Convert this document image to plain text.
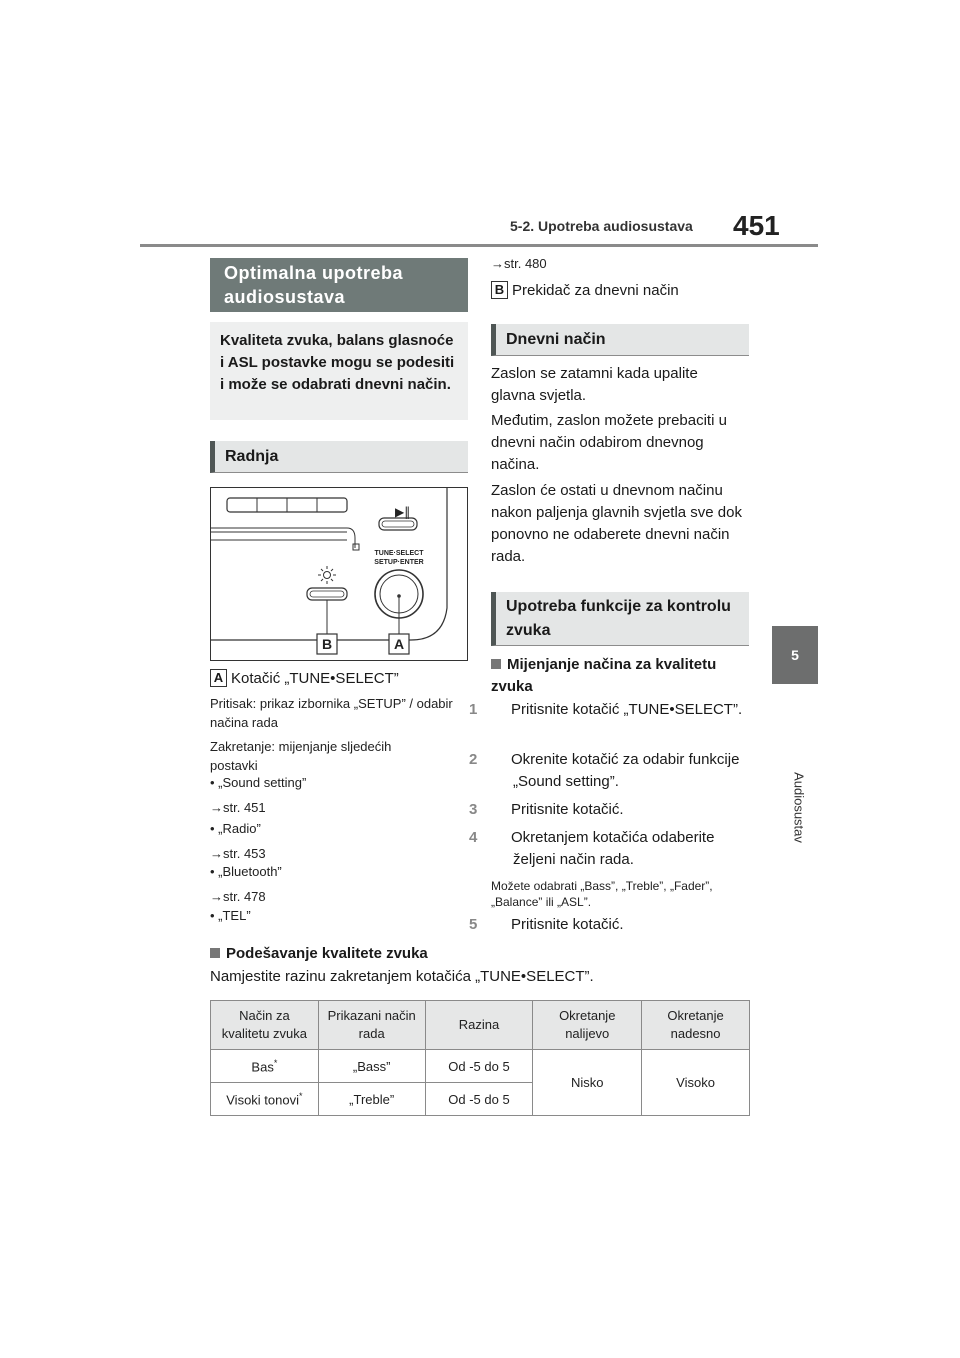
5-2. Upotreba audiosustava 451
5
Audiosustav
Optimalna upotreba audiosustava
Kvaliteta zvuka, balans glasnoće i ASL postavke mogu se podesiti i može se odabrati dnevni način.
Radnja
▶‖
TUNE·SELECT
SETUP·ENTER
B	A
A Kotačić „TUNE•SELECT”
Pritisak: prikaz izbornika „SETUP” / odabir načina rada
Zakretanje: mijenjanje sljedećih postavki
• „Sound setting”
→str. 451
• „Radio”
→str. 453
• „Bluetooth”
→str. 478
• „TEL”
→str. 480
B Prekidač za dnevni način
Dnevni način
Zaslon se zatamni kada upalite glavna svjetla.
Međutim, zaslon možete prebaciti u dnevni način odabirom dnevnog načina.
Zaslon će ostati u dnevnom načinu nakon paljenja glavnih svjetla sve dok ponovno ne odaberete dnevni način rada.
Upotreba funkcije za kontrolu zvuka
Mijenjanje načina za kvalitetu zvuka
1 Pritisnite kotačić „TUNE•SELECT”.
2 Okrenite kotačić za odabir funkcije „Sound setting”.
3 Pritisnite kotačić.
4 Okretanjem kotačića odaberite željeni način rada.
Možete odabrati „Bass”, „Treble”, „Fader”, „Balance” ili „ASL”.
5 Pritisnite kotačić.
Podešavanje kvalitete zvuka
Namjestite razinu zakretanjem kotačića „TUNE•SELECT”.
Način za kvalitetu zvuka	Prikazani način rada	Razina	Okretanje nalijevo	Okretanje nadesno
Bas*	„Bass”	Od -5 do 5	Nisko	Visoko
Visoki tonovi*	„Treble”	Od -5 do 5		
